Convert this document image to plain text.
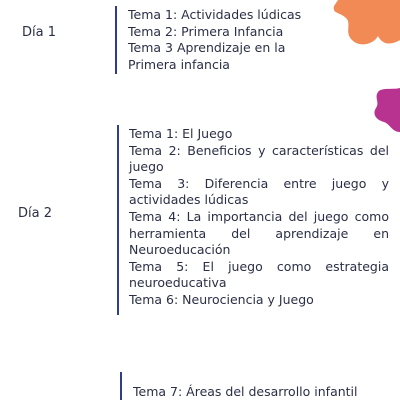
Día 1

Tema 1: Actividades lúdicas

Tema 2: Primera Infancia

Tema 3 Aprendizaje en la Primera infancia

Día 2

Tema 1: El Juego

Tema 2: Beneficios y características del juego

Tema 3: Diferencia entre juego y actividades lúdicas

Tema 4: La importancia del juego como herramienta del aprendizaje en Neuroeducación

Tema 5: El juego como estrategia neuroeducativa

Tema 6: Neurociencia y Juego

Tema 7: Áreas del desarrollo infantil
